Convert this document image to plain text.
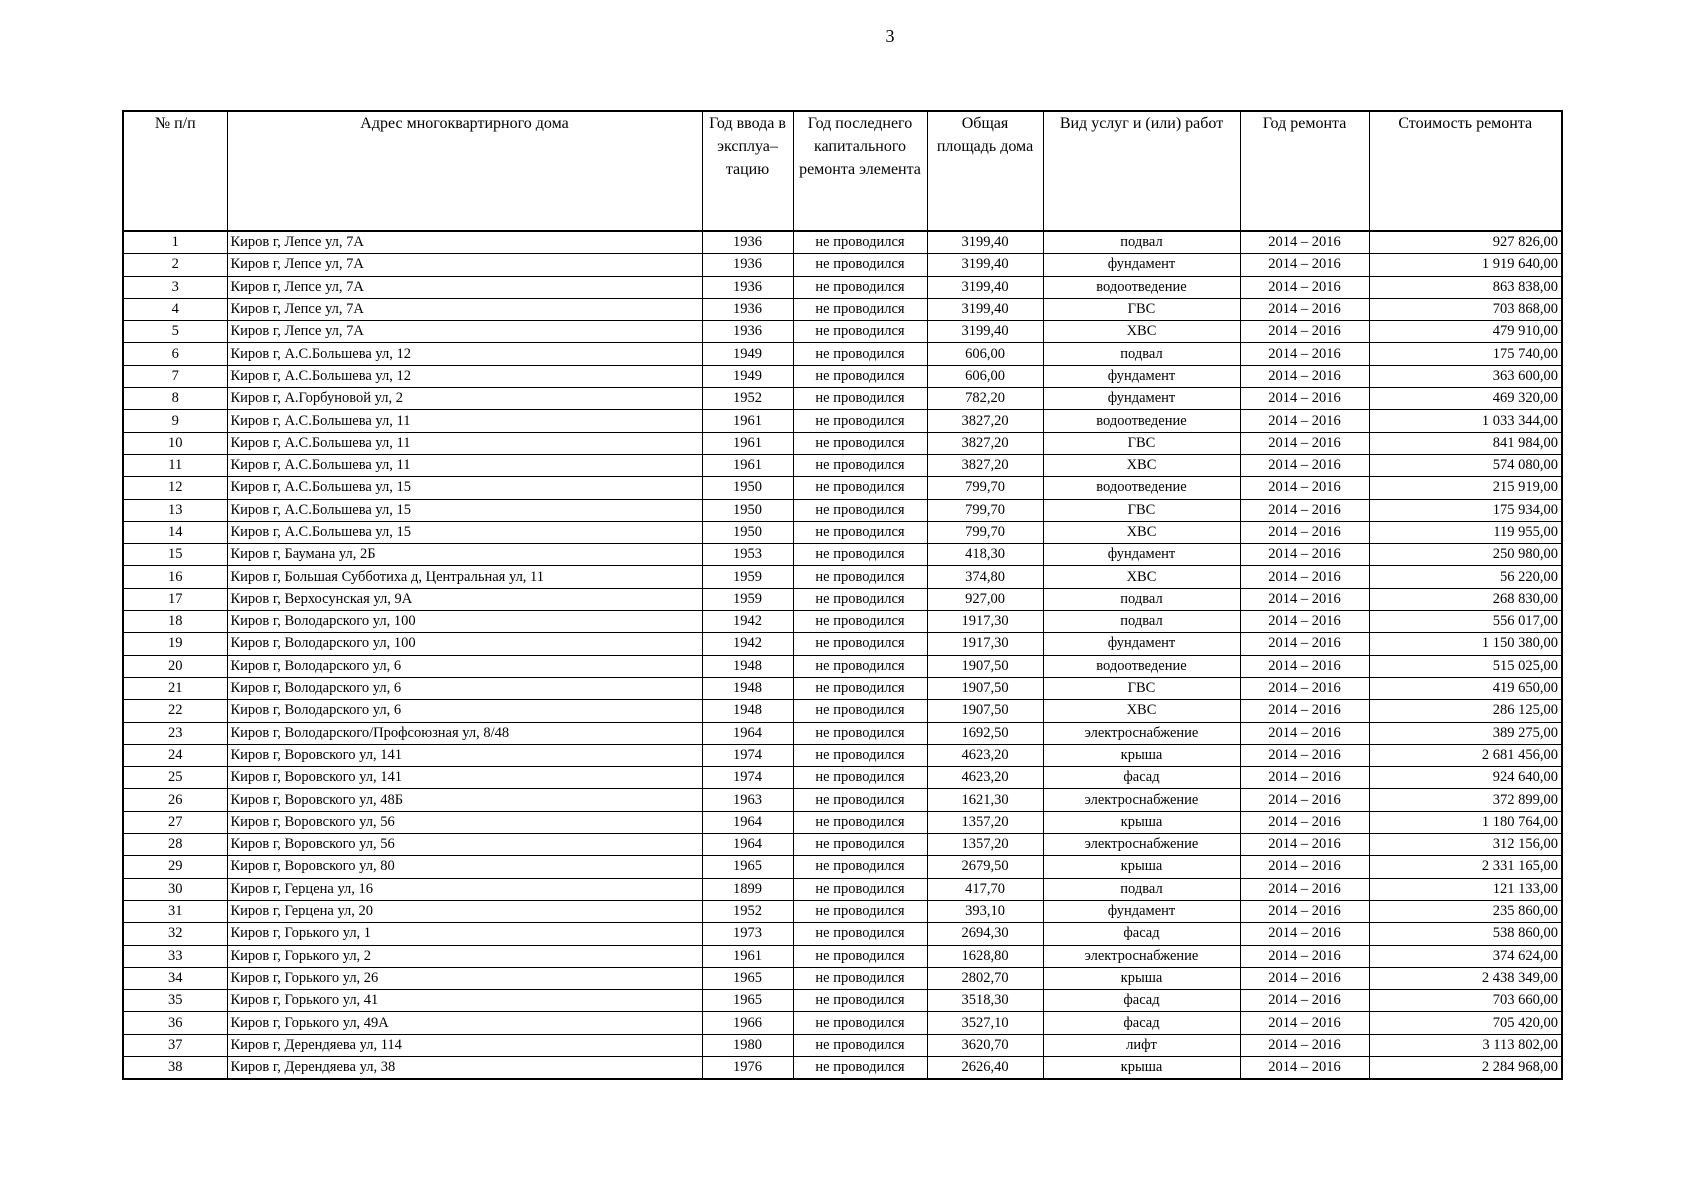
3
№ п/п	Адрес многоквартирного дома	Год ввода в эксплуа–тацию	Год последнего капитального ремонта элемента	Общая площадь дома	Вид услуг и (или) работ	Год ремонта	Стоимость ремонта
1	Киров г, Лепсе ул, 7А	1936	не проводился	3199,40	подвал	2014 – 2016	927 826,00
2	Киров г, Лепсе ул, 7А	1936	не проводился	3199,40	фундамент	2014 – 2016	1 919 640,00
3	Киров г, Лепсе ул, 7А	1936	не проводился	3199,40	водоотведение	2014 – 2016	863 838,00
4	Киров г, Лепсе ул, 7А	1936	не проводился	3199,40	ГВС	2014 – 2016	703 868,00
5	Киров г, Лепсе ул, 7А	1936	не проводился	3199,40	ХВС	2014 – 2016	479 910,00
6	Киров г, А.С.Большева ул, 12	1949	не проводился	606,00	подвал	2014 – 2016	175 740,00
7	Киров г, А.С.Большева ул, 12	1949	не проводился	606,00	фундамент	2014 – 2016	363 600,00
8	Киров г, А.Горбуновой ул, 2	1952	не проводился	782,20	фундамент	2014 – 2016	469 320,00
9	Киров г, А.С.Большева ул, 11	1961	не проводился	3827,20	водоотведение	2014 – 2016	1 033 344,00
10	Киров г, А.С.Большева ул, 11	1961	не проводился	3827,20	ГВС	2014 – 2016	841 984,00
11	Киров г, А.С.Большева ул, 11	1961	не проводился	3827,20	ХВС	2014 – 2016	574 080,00
12	Киров г, А.С.Большева ул, 15	1950	не проводился	799,70	водоотведение	2014 – 2016	215 919,00
13	Киров г, А.С.Большева ул, 15	1950	не проводился	799,70	ГВС	2014 – 2016	175 934,00
14	Киров г, А.С.Большева ул, 15	1950	не проводился	799,70	ХВС	2014 – 2016	119 955,00
15	Киров г, Баумана ул, 2Б	1953	не проводился	418,30	фундамент	2014 – 2016	250 980,00
16	Киров г, Большая Субботиха д, Центральная ул, 11	1959	не проводился	374,80	ХВС	2014 – 2016	56 220,00
17	Киров г, Верхосунская ул, 9А	1959	не проводился	927,00	подвал	2014 – 2016	268 830,00
18	Киров г, Володарского ул, 100	1942	не проводился	1917,30	подвал	2014 – 2016	556 017,00
19	Киров г, Володарского ул, 100	1942	не проводился	1917,30	фундамент	2014 – 2016	1 150 380,00
20	Киров г, Володарского ул, 6	1948	не проводился	1907,50	водоотведение	2014 – 2016	515 025,00
21	Киров г, Володарского ул, 6	1948	не проводился	1907,50	ГВС	2014 – 2016	419 650,00
22	Киров г, Володарского ул, 6	1948	не проводился	1907,50	ХВС	2014 – 2016	286 125,00
23	Киров г, Володарского/Профсоюзная ул, 8/48	1964	не проводился	1692,50	электроснабжение	2014 – 2016	389 275,00
24	Киров г, Воровского ул, 141	1974	не проводился	4623,20	крыша	2014 – 2016	2 681 456,00
25	Киров г, Воровского ул, 141	1974	не проводился	4623,20	фасад	2014 – 2016	924 640,00
26	Киров г, Воровского ул, 48Б	1963	не проводился	1621,30	электроснабжение	2014 – 2016	372 899,00
27	Киров г, Воровского ул, 56	1964	не проводился	1357,20	крыша	2014 – 2016	1 180 764,00
28	Киров г, Воровского ул, 56	1964	не проводился	1357,20	электроснабжение	2014 – 2016	312 156,00
29	Киров г, Воровского ул, 80	1965	не проводился	2679,50	крыша	2014 – 2016	2 331 165,00
30	Киров г, Герцена ул, 16	1899	не проводился	417,70	подвал	2014 – 2016	121 133,00
31	Киров г, Герцена ул, 20	1952	не проводился	393,10	фундамент	2014 – 2016	235 860,00
32	Киров г, Горького ул, 1	1973	не проводился	2694,30	фасад	2014 – 2016	538 860,00
33	Киров г, Горького ул, 2	1961	не проводился	1628,80	электроснабжение	2014 – 2016	374 624,00
34	Киров г, Горького ул, 26	1965	не проводился	2802,70	крыша	2014 – 2016	2 438 349,00
35	Киров г, Горького ул, 41	1965	не проводился	3518,30	фасад	2014 – 2016	703 660,00
36	Киров г, Горького ул, 49А	1966	не проводился	3527,10	фасад	2014 – 2016	705 420,00
37	Киров г, Дерендяева ул, 114	1980	не проводился	3620,70	лифт	2014 – 2016	3 113 802,00
38	Киров г, Дерендяева ул, 38	1976	не проводился	2626,40	крыша	2014 – 2016	2 284 968,00
